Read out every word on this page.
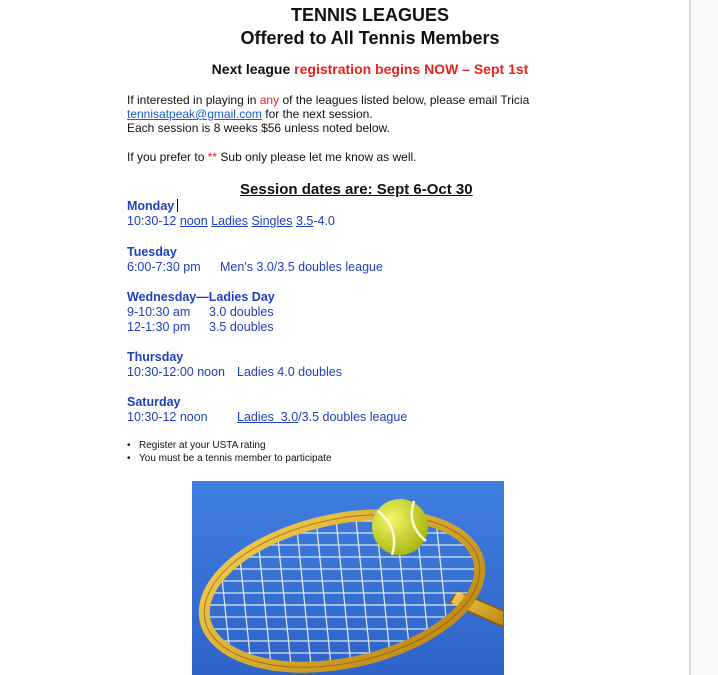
TENNIS LEAGUES
Offered to All Tennis Members
Next league registration begins NOW – Sept 1st
If interested in playing in any of the leagues listed below, please email Tricia
tennisatpeak@gmail.com for the next session.
Each session is 8 weeks $56 unless noted below.
If you prefer to ** Sub only please let me know as well.
Session dates are: Sept 6-Oct 30
Monday
10:30-12 noon Ladies Singles 3.5-4.0
Tuesday
6:00-7:30 pm Men's 3.0/3.5 doubles league
Wednesday—Ladies Day
9-10:30 am 3.0 doubles
12-1:30 pm 3.5 doubles
Thursday
10:30-12:00 noon Ladies 4.0 doubles
Saturday
10:30-12 noon Ladies  3.0/3.5 doubles league
• Register at your USTA rating
• You must be a tennis member to participate
